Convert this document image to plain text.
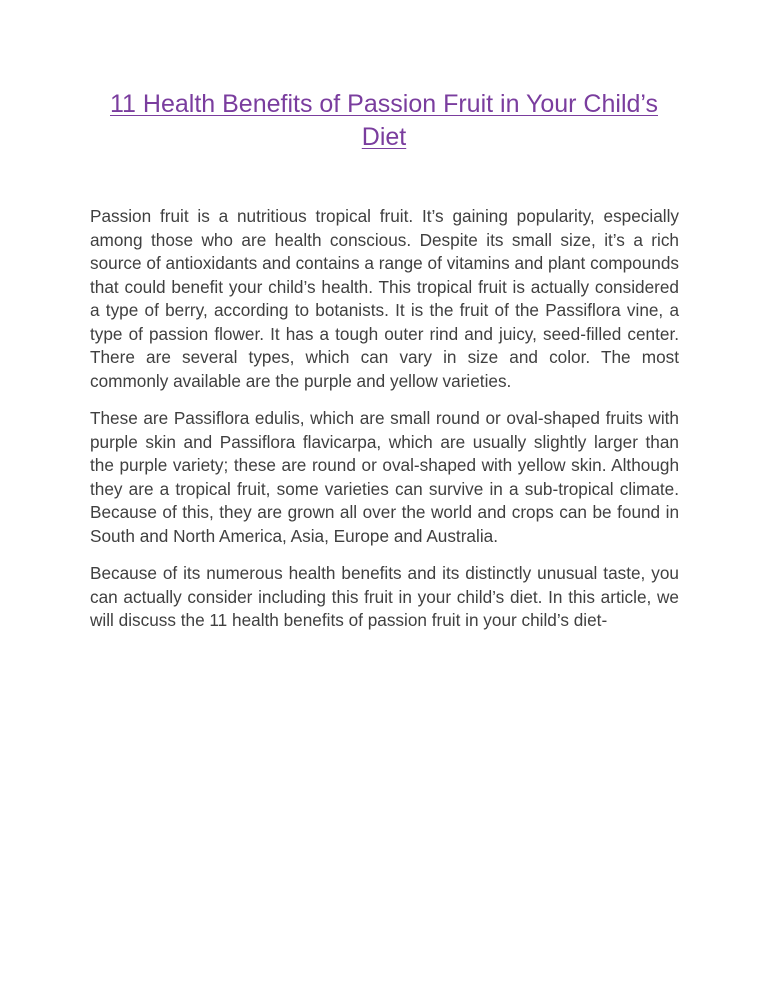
11 Health Benefits of Passion Fruit in Your Child’s Diet

Passion fruit is a nutritious tropical fruit. It’s gaining popularity, especially among those who are health conscious. Despite its small size, it’s a rich source of antioxidants and contains a range of vitamins and plant compounds that could benefit your child’s health. This tropical fruit is actually considered a type of berry, according to botanists. It is the fruit of the Passiflora vine, a type of passion flower. It has a tough outer rind and juicy, seed-filled center. There are several types, which can vary in size and color. The most commonly available are the purple and yellow varieties.

These are Passiflora edulis, which are small round or oval-shaped fruits with purple skin and Passiflora flavicarpa, which are usually slightly larger than the purple variety; these are round or oval-shaped with yellow skin. Although they are a tropical fruit, some varieties can survive in a sub-tropical climate. Because of this, they are grown all over the world and crops can be found in South and North America, Asia, Europe and Australia.

Because of its numerous health benefits and its distinctly unusual taste, you can actually consider including this fruit in your child’s diet. In this article, we will discuss the 11 health benefits of passion fruit in your child’s diet-
